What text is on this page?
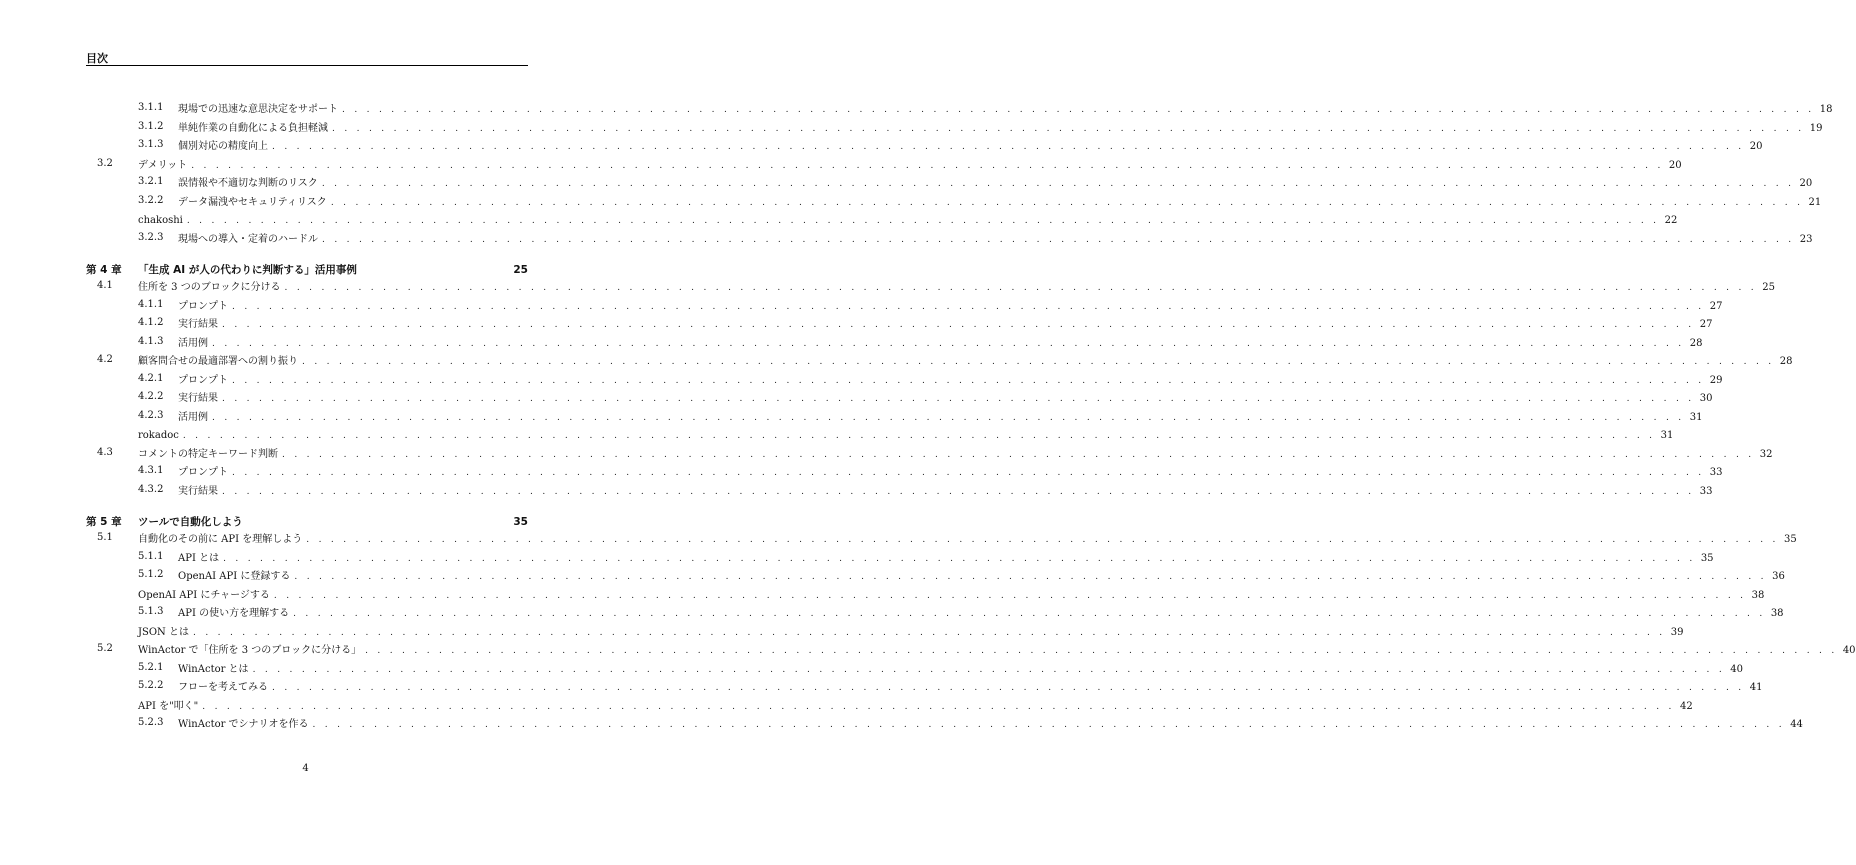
目次
3.1.1 現場での迅速な意思決定をサポート . . . . . . . . . . . . . . . . . . . . . . . . . . . . . . . . . . . . . . . . . . . . . . . . . . . . . . . . . . . . . . . . . . . . . . . . . . . . . . . . . . . . . . . . . . . . . . . . . . . . . . . . . . . . . . . . . . . . . . . . 18
3.1.2 単純作業の自動化による負担軽減 . . . . . . . . . . . . . . . . . . . . . . . . . . . . . . . . . . . . . . . . . . . . . . . . . . . . . . . . . . . . . . . . . . . . . . . . . . . . . . . . . . . . . . . . . . . . . . . . . . . . . . . . . . . . . . . . . . . . . . . . 19
3.1.3 個別対応の精度向上 . . . . . . . . . . . . . . . . . . . . . . . . . . . . . . . . . . . . . . . . . . . . . . . . . . . . . . . . . . . . . . . . . . . . . . . . . . . . . . . . . . . . . . . . . . . . . . . . . . . . . . . . . . . . . . . . . . . . . . . . 20
3.2	デメリット . . . . . . . . . . . . . . . . . . . . . . . . . . . . . . . . . . . . . . . . . . . . . . . . . . . . . . . . . . . . . . . . . . . . . . . . . . . . . . . . . . . . . . . . . . . . . . . . . . . . . . . . . . . . . . . . . . . . . . . . 20
3.2.1 誤情報や不適切な判断のリスク . . . . . . . . . . . . . . . . . . . . . . . . . . . . . . . . . . . . . . . . . . . . . . . . . . . . . . . . . . . . . . . . . . . . . . . . . . . . . . . . . . . . . . . . . . . . . . . . . . . . . . . . . . . . . . . . . . . . . . . . 20
3.2.2 データ漏洩やセキュリティリスク . . . . . . . . . . . . . . . . . . . . . . . . . . . . . . . . . . . . . . . . . . . . . . . . . . . . . . . . . . . . . . . . . . . . . . . . . . . . . . . . . . . . . . . . . . . . . . . . . . . . . . . . . . . . . . . . . . . . . . . . 21
chakoshi . . . . . . . . . . . . . . . . . . . . . . . . . . . . . . . . . . . . . . . . . . . . . . . . . . . . . . . . . . . . . . . . . . . . . . . . . . . . . . . . . . . . . . . . . . . . . . . . . . . . . . . . . . . . . . . . . . . . . . . . 22
3.2.3 現場への導入・定着のハードル . . . . . . . . . . . . . . . . . . . . . . . . . . . . . . . . . . . . . . . . . . . . . . . . . . . . . . . . . . . . . . . . . . . . . . . . . . . . . . . . . . . . . . . . . . . . . . . . . . . . . . . . . . . . . . . . . . . . . . . . 23
第 4 章	「生成 AI が人の代わりに判断する」活用事例	25
4.1	住所を 3 つのブロックに分ける . . . . . . . . . . . . . . . . . . . . . . . . . . . . . . . . . . . . . . . . . . . . . . . . . . . . . . . . . . . . . . . . . . . . . . . . . . . . . . . . . . . . . . . . . . . . . . . . . . . . . . . . . . . . . . . . . . . . . . . . 25
4.1.1 プロンプト . . . . . . . . . . . . . . . . . . . . . . . . . . . . . . . . . . . . . . . . . . . . . . . . . . . . . . . . . . . . . . . . . . . . . . . . . . . . . . . . . . . . . . . . . . . . . . . . . . . . . . . . . . . . . . . . . . . . . . . . 27
4.1.2 実行結果 . . . . . . . . . . . . . . . . . . . . . . . . . . . . . . . . . . . . . . . . . . . . . . . . . . . . . . . . . . . . . . . . . . . . . . . . . . . . . . . . . . . . . . . . . . . . . . . . . . . . . . . . . . . . . . . . . . . . . . . . 27
4.1.3 活用例 . . . . . . . . . . . . . . . . . . . . . . . . . . . . . . . . . . . . . . . . . . . . . . . . . . . . . . . . . . . . . . . . . . . . . . . . . . . . . . . . . . . . . . . . . . . . . . . . . . . . . . . . . . . . . . . . . . . . . . . . 28
4.2	顧客問合せの最適部署への割り振り . . . . . . . . . . . . . . . . . . . . . . . . . . . . . . . . . . . . . . . . . . . . . . . . . . . . . . . . . . . . . . . . . . . . . . . . . . . . . . . . . . . . . . . . . . . . . . . . . . . . . . . . . . . . . . . . . . . . . . . . 28
4.2.1 プロンプト . . . . . . . . . . . . . . . . . . . . . . . . . . . . . . . . . . . . . . . . . . . . . . . . . . . . . . . . . . . . . . . . . . . . . . . . . . . . . . . . . . . . . . . . . . . . . . . . . . . . . . . . . . . . . . . . . . . . . . . . 29
4.2.2 実行結果 . . . . . . . . . . . . . . . . . . . . . . . . . . . . . . . . . . . . . . . . . . . . . . . . . . . . . . . . . . . . . . . . . . . . . . . . . . . . . . . . . . . . . . . . . . . . . . . . . . . . . . . . . . . . . . . . . . . . . . . . 30
4.2.3 活用例 . . . . . . . . . . . . . . . . . . . . . . . . . . . . . . . . . . . . . . . . . . . . . . . . . . . . . . . . . . . . . . . . . . . . . . . . . . . . . . . . . . . . . . . . . . . . . . . . . . . . . . . . . . . . . . . . . . . . . . . . 31
rokadoc . . . . . . . . . . . . . . . . . . . . . . . . . . . . . . . . . . . . . . . . . . . . . . . . . . . . . . . . . . . . . . . . . . . . . . . . . . . . . . . . . . . . . . . . . . . . . . . . . . . . . . . . . . . . . . . . . . . . . . . . 31
4.3	コメントの特定キーワード判断 . . . . . . . . . . . . . . . . . . . . . . . . . . . . . . . . . . . . . . . . . . . . . . . . . . . . . . . . . . . . . . . . . . . . . . . . . . . . . . . . . . . . . . . . . . . . . . . . . . . . . . . . . . . . . . . . . . . . . . . . 32
4.3.1 プロンプト . . . . . . . . . . . . . . . . . . . . . . . . . . . . . . . . . . . . . . . . . . . . . . . . . . . . . . . . . . . . . . . . . . . . . . . . . . . . . . . . . . . . . . . . . . . . . . . . . . . . . . . . . . . . . . . . . . . . . . . . 33
4.3.2 実行結果 . . . . . . . . . . . . . . . . . . . . . . . . . . . . . . . . . . . . . . . . . . . . . . . . . . . . . . . . . . . . . . . . . . . . . . . . . . . . . . . . . . . . . . . . . . . . . . . . . . . . . . . . . . . . . . . . . . . . . . . . 33
第 5 章	ツールで自動化しよう	35
5.1	自動化のその前に API を理解しよう . . . . . . . . . . . . . . . . . . . . . . . . . . . . . . . . . . . . . . . . . . . . . . . . . . . . . . . . . . . . . . . . . . . . . . . . . . . . . . . . . . . . . . . . . . . . . . . . . . . . . . . . . . . . . . . . . . . . . . . . 35
5.1.1 API とは . . . . . . . . . . . . . . . . . . . . . . . . . . . . . . . . . . . . . . . . . . . . . . . . . . . . . . . . . . . . . . . . . . . . . . . . . . . . . . . . . . . . . . . . . . . . . . . . . . . . . . . . . . . . . . . . . . . . . . . . 35
5.1.2 OpenAI API に登録する . . . . . . . . . . . . . . . . . . . . . . . . . . . . . . . . . . . . . . . . . . . . . . . . . . . . . . . . . . . . . . . . . . . . . . . . . . . . . . . . . . . . . . . . . . . . . . . . . . . . . . . . . . . . . . . . . . . . . . . . 36
OpenAI API にチャージする . . . . . . . . . . . . . . . . . . . . . . . . . . . . . . . . . . . . . . . . . . . . . . . . . . . . . . . . . . . . . . . . . . . . . . . . . . . . . . . . . . . . . . . . . . . . . . . . . . . . . . . . . . . . . . . . . . . . . . . . 38
5.1.3 API の使い方を理解する . . . . . . . . . . . . . . . . . . . . . . . . . . . . . . . . . . . . . . . . . . . . . . . . . . . . . . . . . . . . . . . . . . . . . . . . . . . . . . . . . . . . . . . . . . . . . . . . . . . . . . . . . . . . . . . . . . . . . . . . 38
JSON とは . . . . . . . . . . . . . . . . . . . . . . . . . . . . . . . . . . . . . . . . . . . . . . . . . . . . . . . . . . . . . . . . . . . . . . . . . . . . . . . . . . . . . . . . . . . . . . . . . . . . . . . . . . . . . . . . . . . . . . . . 39
5.2	WinActor で「住所を 3 つのブロックに分ける」 . . . . . . . . . . . . . . . . . . . . . . . . . . . . . . . . . . . . . . . . . . . . . . . . . . . . . . . . . . . . . . . . . . . . . . . . . . . . . . . . . . . . . . . . . . . . . . . . . . . . . . . . . . . . . . . . . . . . . . . . 40
5.2.1 WinActor とは . . . . . . . . . . . . . . . . . . . . . . . . . . . . . . . . . . . . . . . . . . . . . . . . . . . . . . . . . . . . . . . . . . . . . . . . . . . . . . . . . . . . . . . . . . . . . . . . . . . . . . . . . . . . . . . . . . . . . . . . 40
5.2.2 フローを考えてみる . . . . . . . . . . . . . . . . . . . . . . . . . . . . . . . . . . . . . . . . . . . . . . . . . . . . . . . . . . . . . . . . . . . . . . . . . . . . . . . . . . . . . . . . . . . . . . . . . . . . . . . . . . . . . . . . . . . . . . . . 41
API を"叩く" . . . . . . . . . . . . . . . . . . . . . . . . . . . . . . . . . . . . . . . . . . . . . . . . . . . . . . . . . . . . . . . . . . . . . . . . . . . . . . . . . . . . . . . . . . . . . . . . . . . . . . . . . . . . . . . . . . . . . . . . 42
5.2.3 WinActor でシナリオを作る . . . . . . . . . . . . . . . . . . . . . . . . . . . . . . . . . . . . . . . . . . . . . . . . . . . . . . . . . . . . . . . . . . . . . . . . . . . . . . . . . . . . . . . . . . . . . . . . . . . . . . . . . . . . . . . . . . . . . . . . 44
4
